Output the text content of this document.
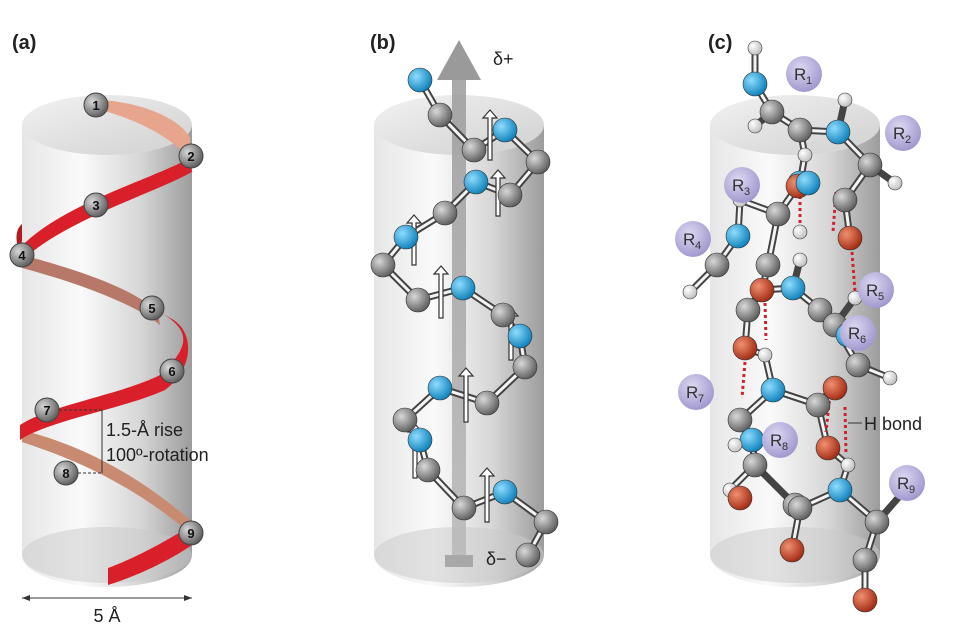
(a)
1
2
3
4
5
6
7
8
9
1.5-Å rise
100º-rotation
5 Å
(b)
δ+
δ−
(c)
R 1
R 2
R 3
R 4
R 5
R 6
R 7
R 8
R 9
H bond
